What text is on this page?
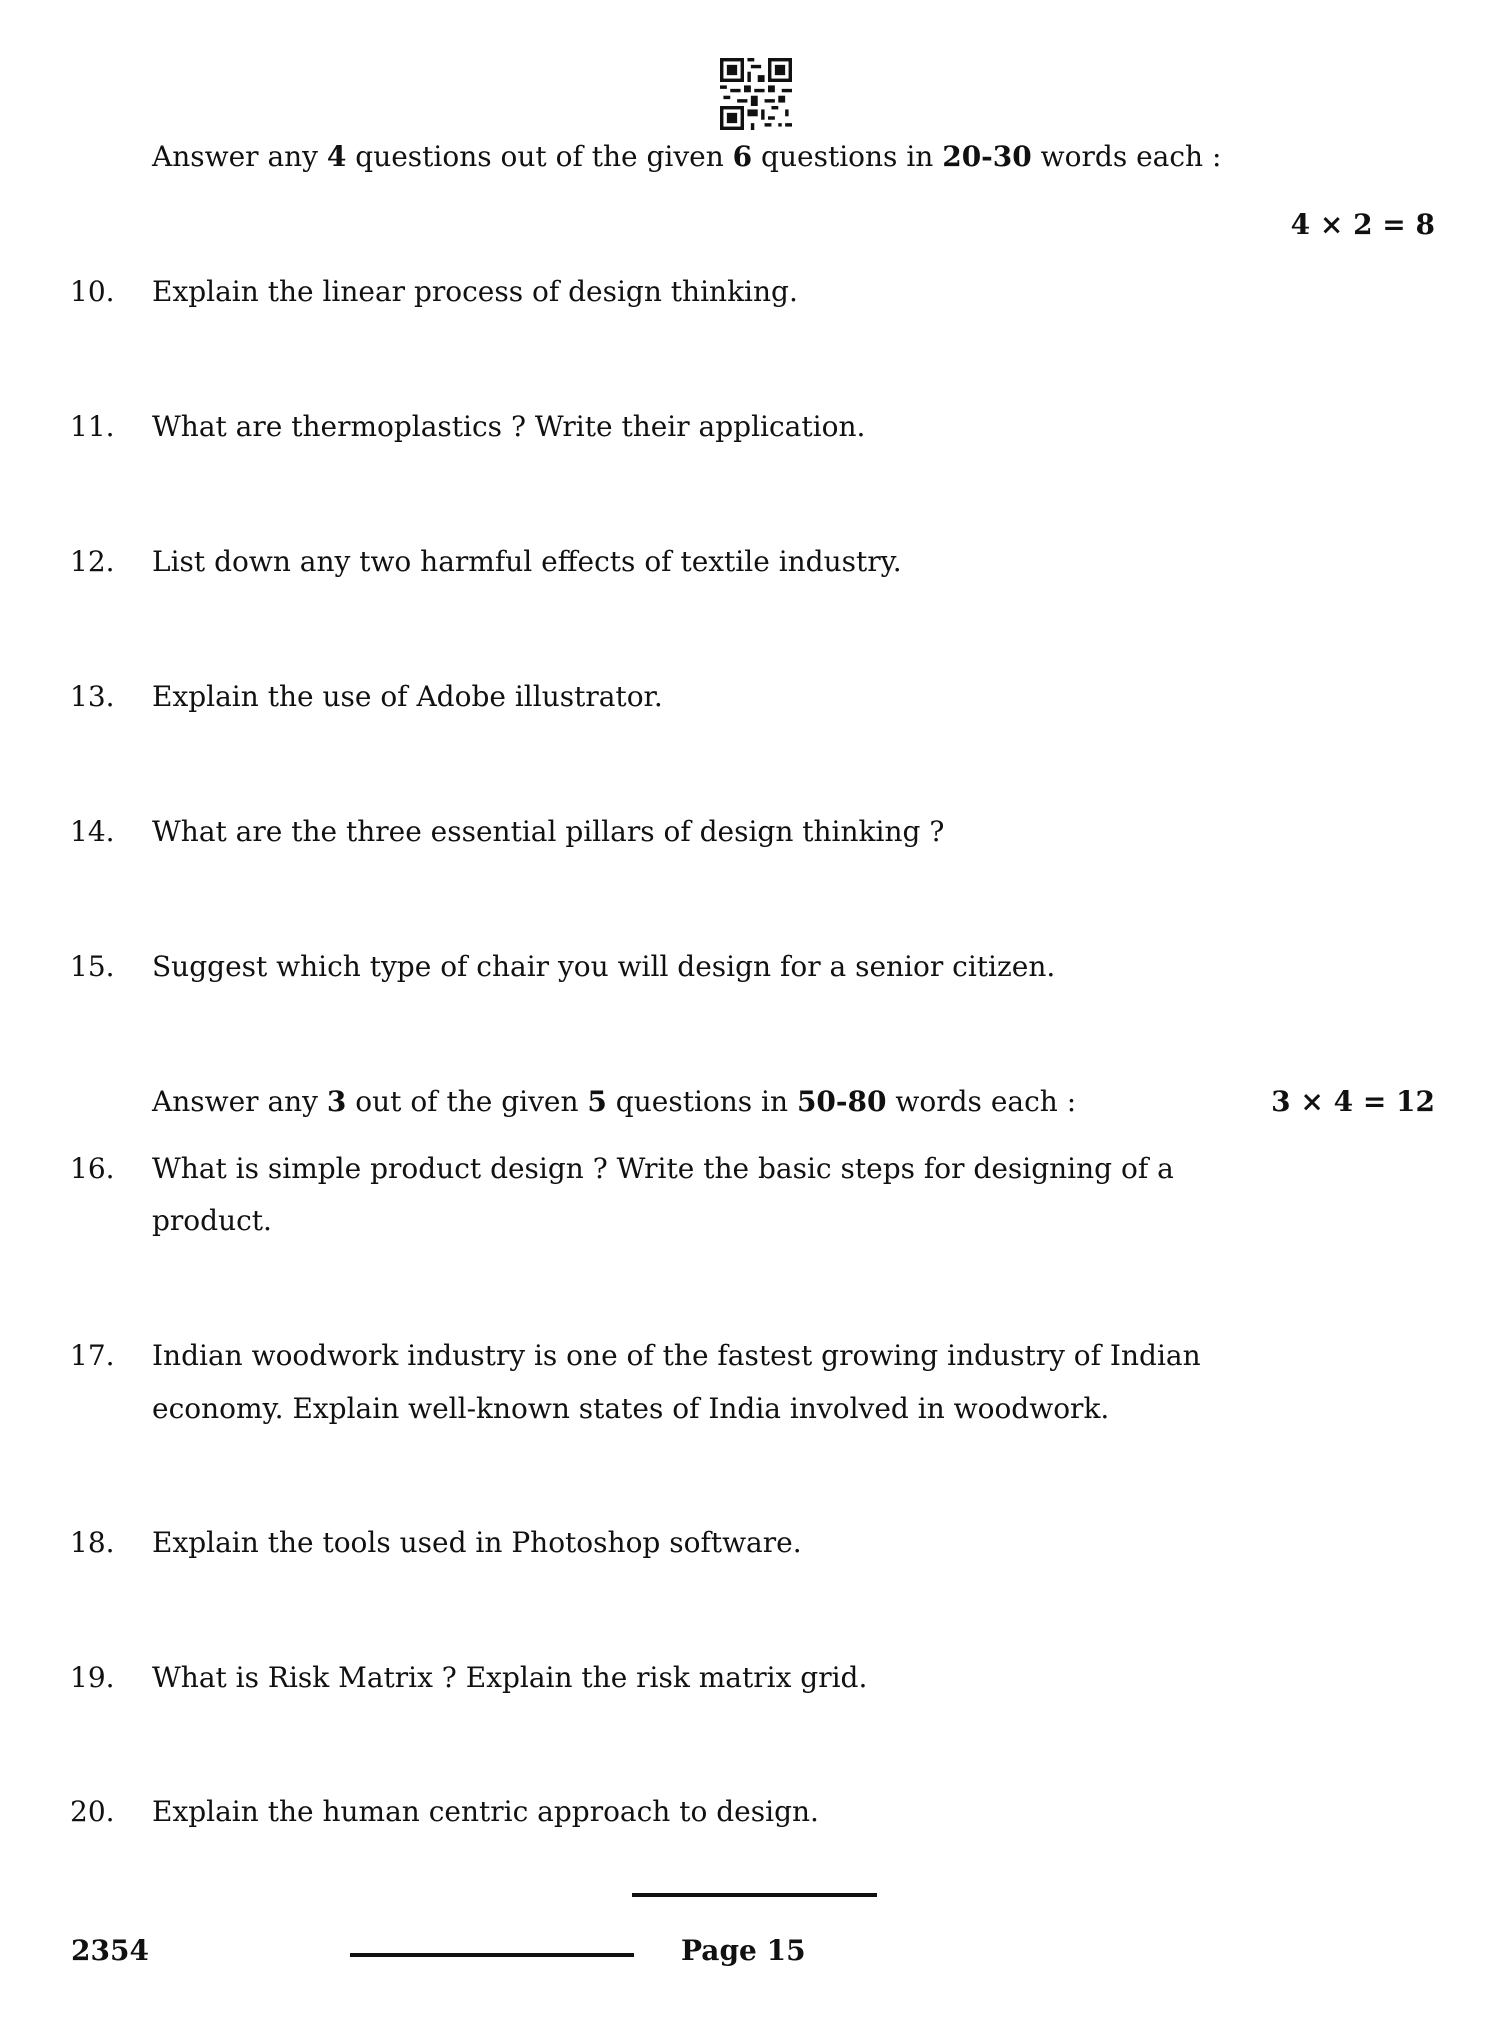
Answer any 4 questions out of the given 6 questions in 20-30 words each :
4 × 2 = 8
10. Explain the linear process of design thinking.
11. What are thermoplastics ? Write their application.
12. List down any two harmful effects of textile industry.
13. Explain the use of Adobe illustrator.
14. What are the three essential pillars of design thinking ?
15. Suggest which type of chair you will design for a senior citizen.
Answer any 3 out of the given 5 questions in 50-80 words each :	3 × 4 = 12
16. What is simple product design ? Write the basic steps for designing of a
product.
17. Indian woodwork industry is one of the fastest growing industry of Indian
economy. Explain well-known states of India involved in woodwork.
18. Explain the tools used in Photoshop software.
19. What is Risk Matrix ? Explain the risk matrix grid.
20. Explain the human centric approach to design.
2354	Page 15
